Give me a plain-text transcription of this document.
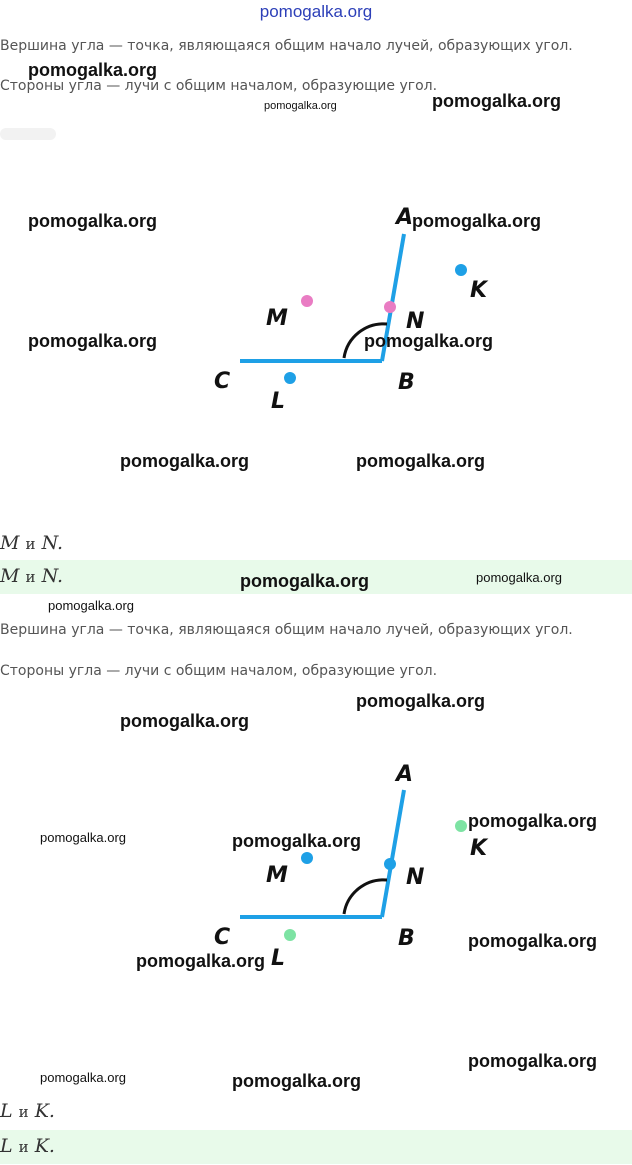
pomogalka.org
Вершина угла — точка, являющаяся общим начало лучей, образующих угол.
Стороны угла — лучи с общим началом, образующие угол.
A
B
C
K
L
M	N
M и N.
M и N.
Вершина угла — точка, являющаяся общим начало лучей, образующих угол.
Стороны угла — лучи с общим началом, образующие угол.
A
B
C
K
L
M	N
L и K.
L и K.
pomogalka.org
pomogalka.org	pomogalka.org
pomogalka.org	pomogalka.org
pomogalka.org	pomogalka.org
pomogalka.org	pomogalka.org
pomogalka.org	pomogalka.org
pomogalka.org
pomogalka.org
pomogalka.org
pomogalka.org
pomogalka.org	pomogalka.org
pomogalka.org
pomogalka.org
pomogalka.org
pomogalka.org	pomogalka.org
